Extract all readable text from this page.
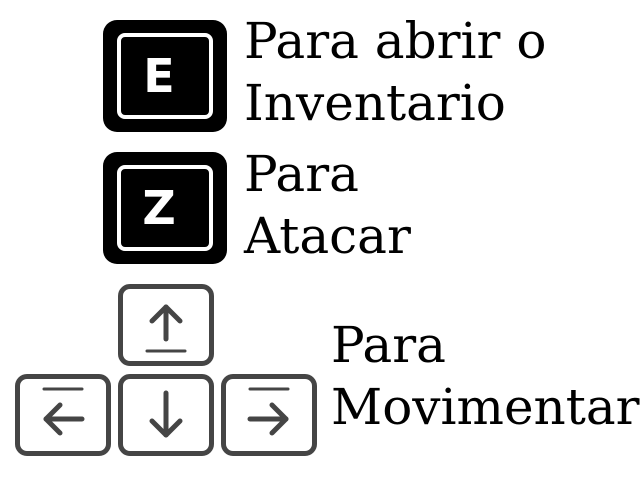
E
Para abrir o
Inventario
Z
Para
Atacar
Para
Movimentar
